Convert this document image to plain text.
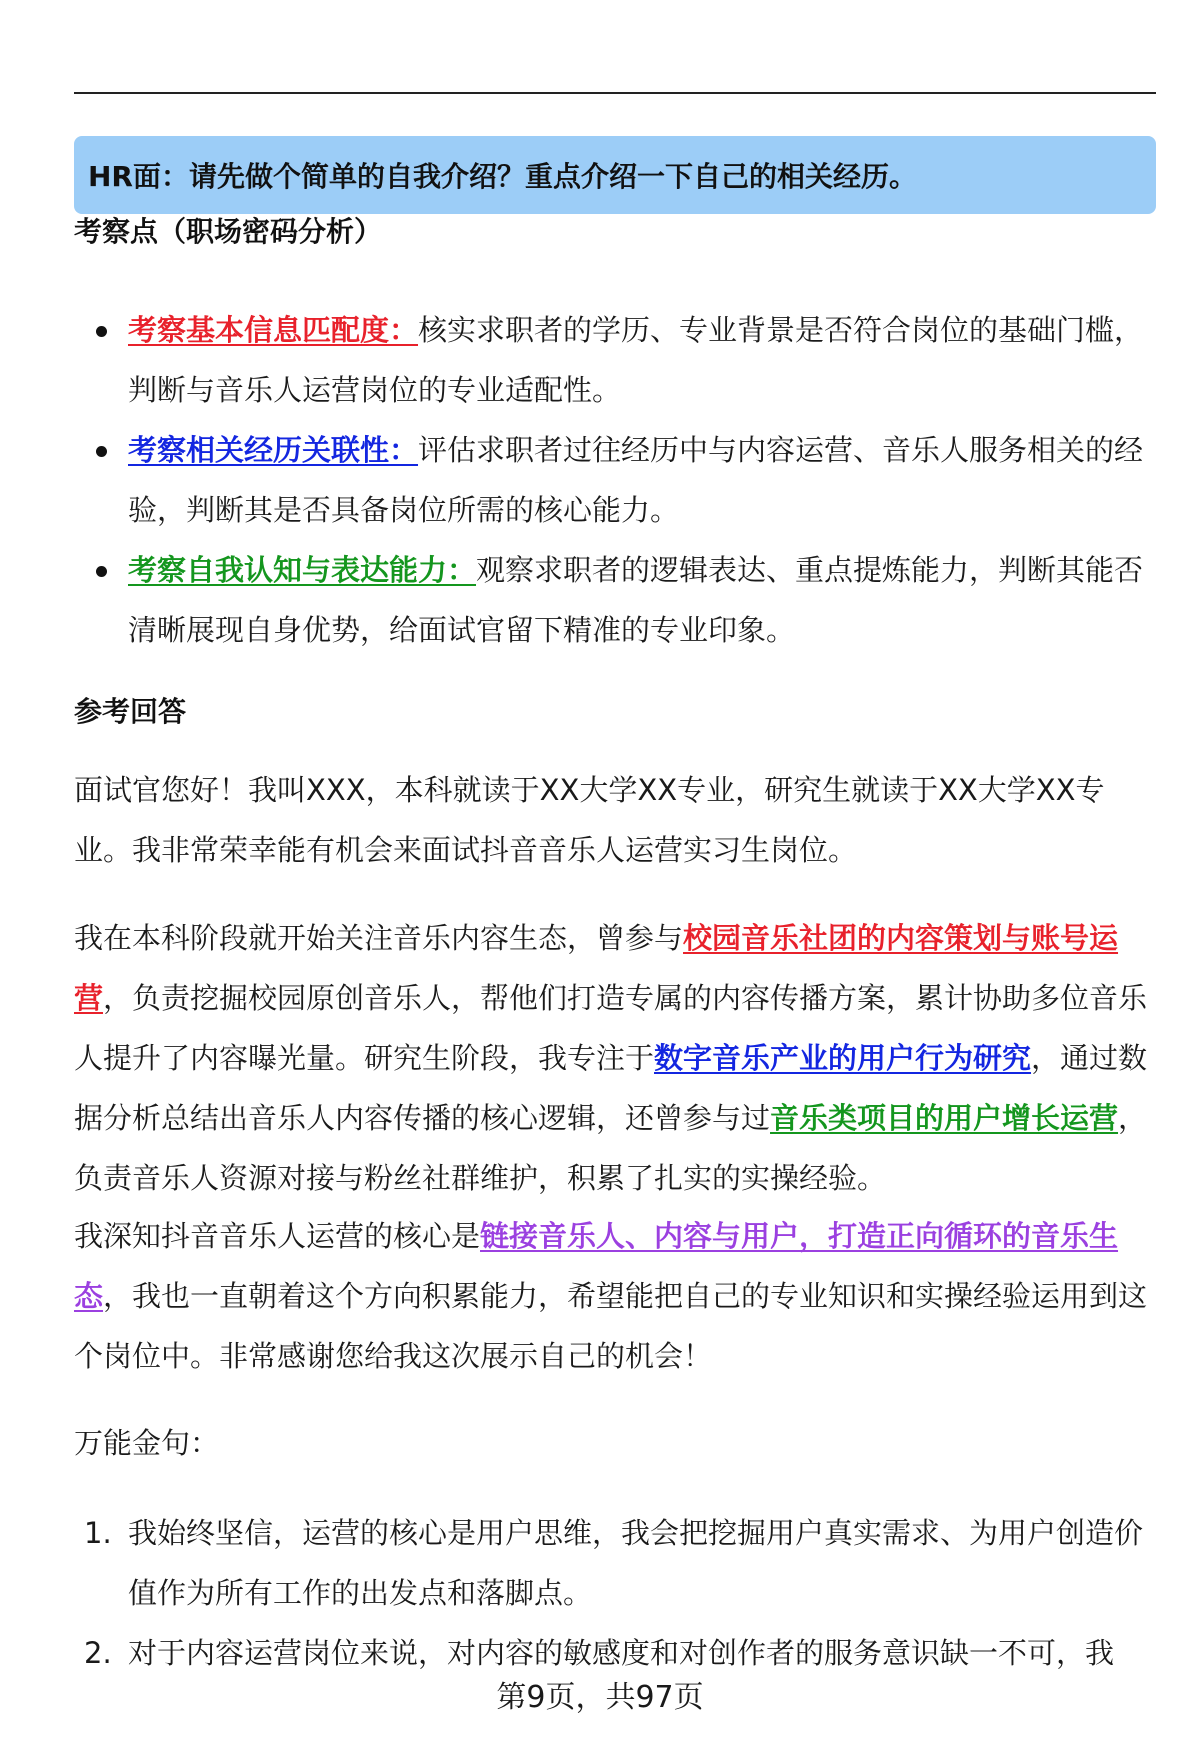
HR面：请先做个简单的自我介绍？重点介绍一下自己的相关经历。
考察点（职场密码分析）
考察基本信息匹配度：核实求职者的学历、专业背景是否符合岗位的基础门槛，判断与音乐人运营岗位的专业适配性。
考察相关经历关联性：评估求职者过往经历中与内容运营、音乐人服务相关的经验，判断其是否具备岗位所需的核心能力。
考察自我认知与表达能力：观察求职者的逻辑表达、重点提炼能力，判断其能否清晰展现自身优势，给面试官留下精准的专业印象。
参考回答

面试官您好！我叫XXX，本科就读于XX大学XX专业，研究生就读于XX大学XX专业。我非常荣幸能有机会来面试抖音音乐人运营实习生岗位。

我在本科阶段就开始关注音乐内容生态，曾参与校园音乐社团的内容策划与账号运营，负责挖掘校园原创音乐人，帮他们打造专属的内容传播方案，累计协助多位音乐人提升了内容曝光量。研究生阶段，我专注于数字音乐产业的用户行为研究，通过数据分析总结出音乐人内容传播的核心逻辑，还曾参与过音乐类项目的用户增长运营，负责音乐人资源对接与粉丝社群维护，积累了扎实的实操经验。

我深知抖音音乐人运营的核心是链接音乐人、内容与用户，打造正向循环的音乐生态，我也一直朝着这个方向积累能力，希望能把自己的专业知识和实操经验运用到这个岗位中。非常感谢您给我这次展示自己的机会！

万能金句：

1. 我始终坚信，运营的核心是用户思维，我会把挖掘用户真实需求、为用户创造价值作为所有工作的出发点和落脚点。
2. 对于内容运营岗位来说，对内容的敏感度和对创作者的服务意识缺一不可，我
第9页，共97页
